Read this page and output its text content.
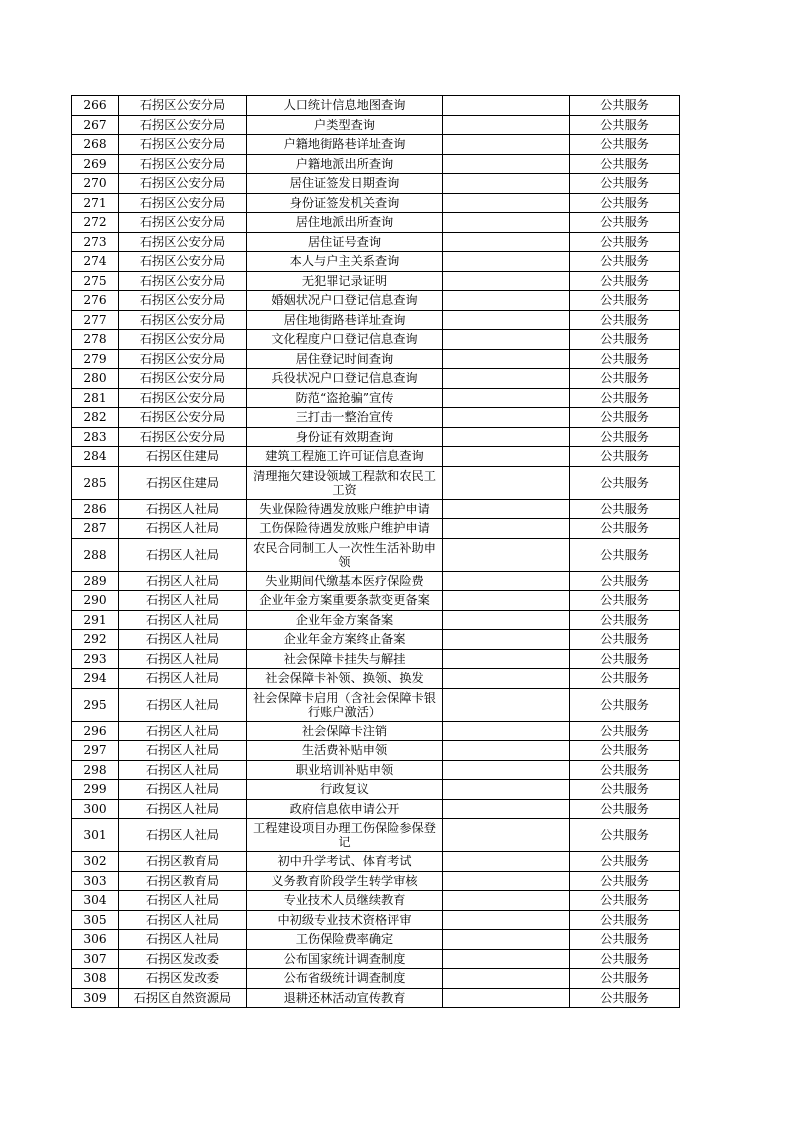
266	石拐区公安分局	人口统计信息地图查询		公共服务
267	石拐区公安分局	户类型查询		公共服务
268	石拐区公安分局	户籍地街路巷详址查询		公共服务
269	石拐区公安分局	户籍地派出所查询		公共服务
270	石拐区公安分局	居住证签发日期查询		公共服务
271	石拐区公安分局	身份证签发机关查询		公共服务
272	石拐区公安分局	居住地派出所查询		公共服务
273	石拐区公安分局	居住证号查询		公共服务
274	石拐区公安分局	本人与户主关系查询		公共服务
275	石拐区公安分局	无犯罪记录证明		公共服务
276	石拐区公安分局	婚姻状况户口登记信息查询		公共服务
277	石拐区公安分局	居住地街路巷详址查询		公共服务
278	石拐区公安分局	文化程度户口登记信息查询		公共服务
279	石拐区公安分局	居住登记时间查询		公共服务
280	石拐区公安分局	兵役状况户口登记信息查询		公共服务
281	石拐区公安分局	防范“盗抢骗”宣传		公共服务
282	石拐区公安分局	三打击一整治宣传		公共服务
283	石拐区公安分局	身份证有效期查询		公共服务
284	石拐区住建局	建筑工程施工许可证信息查询		公共服务
285	石拐区住建局	清理拖欠建设领域工程款和农民工工资		公共服务
286	石拐区人社局	失业保险待遇发放账户维护申请		公共服务
287	石拐区人社局	工伤保险待遇发放账户维护申请		公共服务
288	石拐区人社局	农民合同制工人一次性生活补助申领		公共服务
289	石拐区人社局	失业期间代缴基本医疗保险费		公共服务
290	石拐区人社局	企业年金方案重要条款变更备案		公共服务
291	石拐区人社局	企业年金方案备案		公共服务
292	石拐区人社局	企业年金方案终止备案		公共服务
293	石拐区人社局	社会保障卡挂失与解挂		公共服务
294	石拐区人社局	社会保障卡补领、换领、换发		公共服务
295	石拐区人社局	社会保障卡启用（含社会保障卡银行账户激活）		公共服务
296	石拐区人社局	社会保障卡注销		公共服务
297	石拐区人社局	生活费补贴申领		公共服务
298	石拐区人社局	职业培训补贴申领		公共服务
299	石拐区人社局	行政复议		公共服务
300	石拐区人社局	政府信息依申请公开		公共服务
301	石拐区人社局	工程建设项目办理工伤保险参保登记		公共服务
302	石拐区教育局	初中升学考试、体育考试		公共服务
303	石拐区教育局	义务教育阶段学生转学审核		公共服务
304	石拐区人社局	专业技术人员继续教育		公共服务
305	石拐区人社局	中初级专业技术资格评审		公共服务
306	石拐区人社局	工伤保险费率确定		公共服务
307	石拐区发改委	公布国家统计调查制度		公共服务
308	石拐区发改委	公布省级统计调查制度		公共服务
309	石拐区自然资源局	退耕还林活动宣传教育		公共服务
